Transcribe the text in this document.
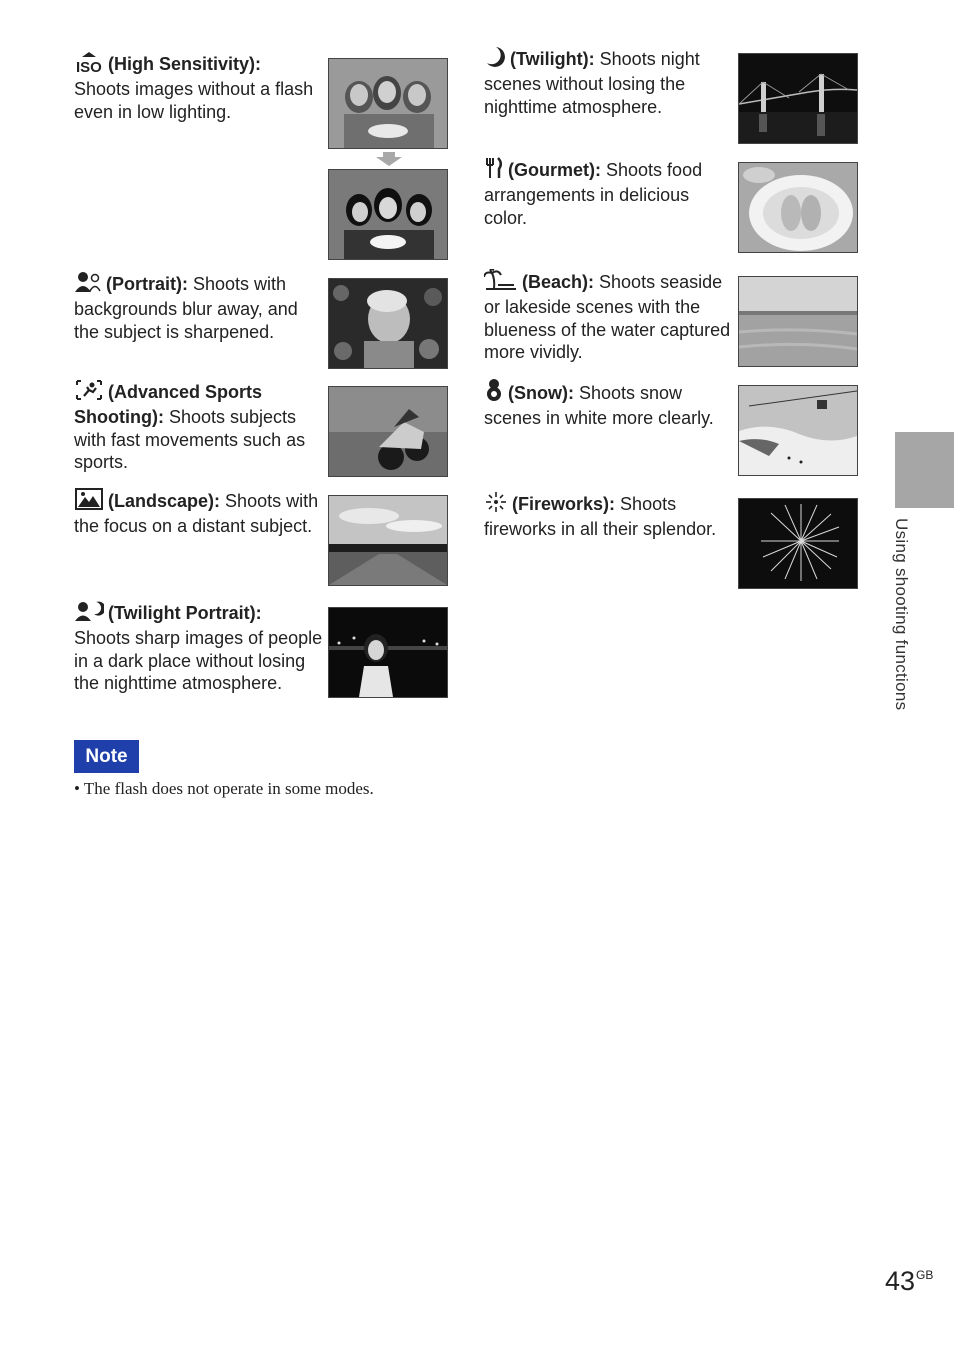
ISO (High Sensitivity):
Shoots images without a flash even in low lighting.
(Portrait): Shoots with backgrounds blur away, and the subject is sharpened.
(Advanced Sports Shooting): Shoots subjects with fast movements such as sports.
(Landscape): Shoots with the focus on a distant subject.
(Twilight Portrait):
Shoots sharp images of people in a dark place without losing the nighttime atmosphere.
(Twilight): Shoots night scenes without losing the nighttime atmosphere.
(Gourmet): Shoots food arrangements in delicious color.
(Beach): Shoots seaside or lakeside scenes with the blueness of the water captured more vividly.
(Snow): Shoots snow scenes in white more clearly.
(Fireworks): Shoots fireworks in all their splendor.
Note
• The flash does not operate in some modes.
Using shooting functions
$43^{GB}$
